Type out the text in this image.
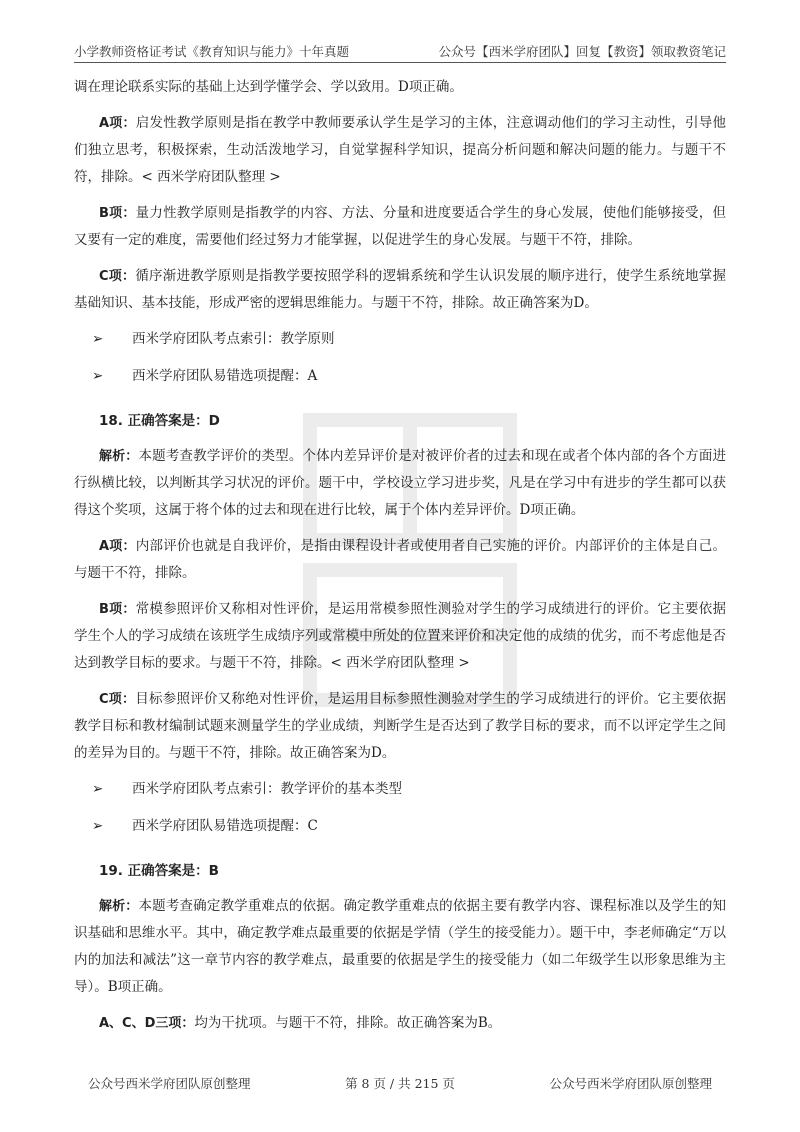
小学教师资格证考试《教育知识与能力》十年真题	公众号【西米学府团队】回复【教资】领取教资笔记

调在理论联系实际的基础上达到学懂学会、学以致用。D项正确。

A项：启发性教学原则是指在教学中教师要承认学生是学习的主体，注意调动他们的学习主动性，引导他们独立思考，积极探索，生动活泼地学习，自觉掌握科学知识，提高分析问题和解决问题的能力。与题干不符，排除。< 西米学府团队整理 >

B项：量力性教学原则是指教学的内容、方法、分量和进度要适合学生的身心发展，使他们能够接受，但又要有一定的难度，需要他们经过努力才能掌握，以促进学生的身心发展。与题干不符，排除。

C项：循序渐进教学原则是指教学要按照学科的逻辑系统和学生认识发展的顺序进行，使学生系统地掌握基础知识、基本技能，形成严密的逻辑思维能力。与题干不符，排除。故正确答案为D。

➢	西米学府团队考点索引：教学原则
➢	西米学府团队易错选项提醒：A
18. 正确答案是：D

解析：本题考查教学评价的类型。个体内差异评价是对被评价者的过去和现在或者个体内部的各个方面进行纵横比较，以判断其学习状况的评价。题干中，学校设立学习进步奖，凡是在学习中有进步的学生都可以获得这个奖项，这属于将个体的过去和现在进行比较，属于个体内差异评价。D项正确。

A项：内部评价也就是自我评价，是指由课程设计者或使用者自己实施的评价。内部评价的主体是自己。与题干不符，排除。

B项：常模参照评价又称相对性评价，是运用常模参照性测验对学生的学习成绩进行的评价。它主要依据学生个人的学习成绩在该班学生成绩序列或常模中所处的位置来评价和决定他的成绩的优劣，而不考虑他是否达到教学目标的要求。与题干不符，排除。< 西米学府团队整理 >

C项：目标参照评价又称绝对性评价，是运用目标参照性测验对学生的学习成绩进行的评价。它主要依据教学目标和教材编制试题来测量学生的学业成绩，判断学生是否达到了教学目标的要求，而不以评定学生之间的差异为目的。与题干不符，排除。故正确答案为D。

➢	西米学府团队考点索引：教学评价的基本类型
➢	西米学府团队易错选项提醒：C
19. 正确答案是：B

解析：本题考查确定教学重难点的依据。确定教学重难点的依据主要有教学内容、课程标准以及学生的知识基础和思维水平。其中，确定教学难点最重要的依据是学情（学生的接受能力）。题干中，李老师确定“万以内的加法和减法”这一章节内容的教学难点，最重要的依据是学生的接受能力（如二年级学生以形象思维为主导）。B项正确。

A、C、D三项：均为干扰项。与题干不符，排除。故正确答案为B。

公众号西米学府团队原创整理	第 8 页 / 共 215 页	公众号西米学府团队原创整理
